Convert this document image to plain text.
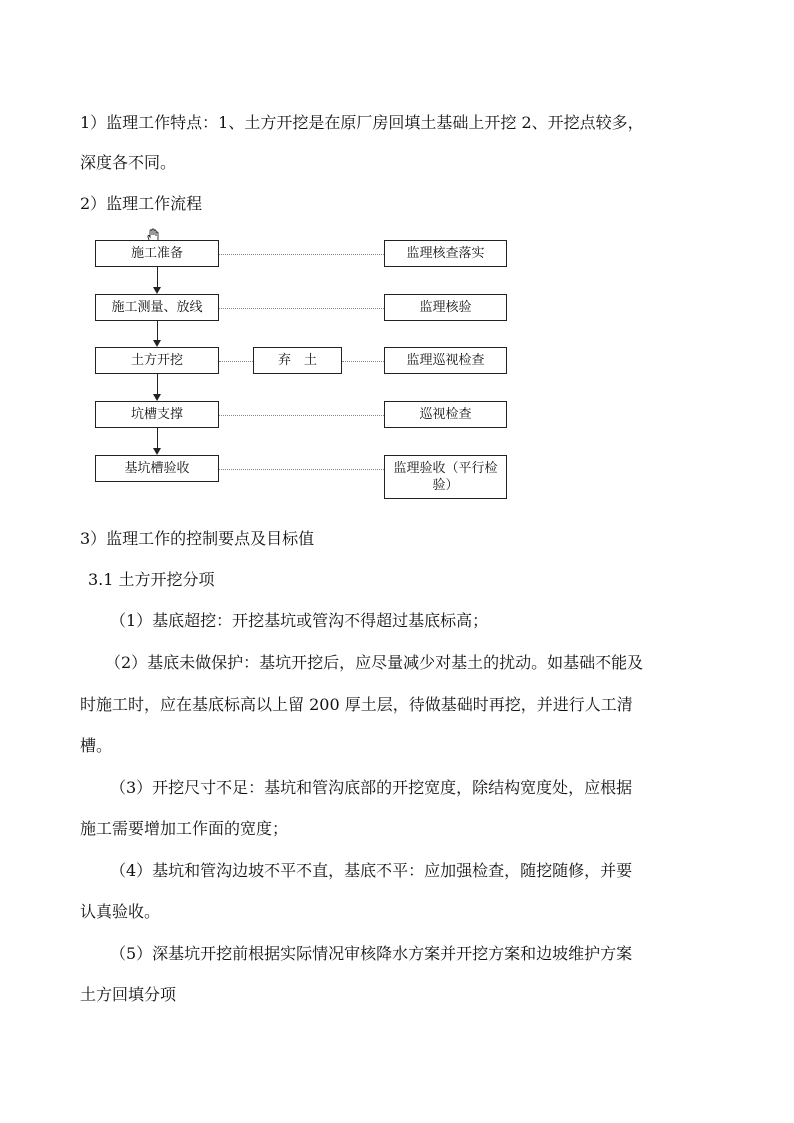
1）监理工作特点：1、土方开挖是在原厂房回填土基础上开挖 2、开挖点较多，
深度各不同。
2）监理工作流程
施工准备
施工测量、放线
土方开挖
坑槽支撑
基坑槽验收
弃　土
监理核查落实
监理核验
监理巡视检查
巡视检查
监理验收（平行检
验）
3）监理工作的控制要点及目标值
3.1 土方开挖分项
（1）基底超挖：开挖基坑或管沟不得超过基底标高；
（2）基底未做保护：基坑开挖后，应尽量减少对基土的扰动。如基础不能及
时施工时，应在基底标高以上留 200 厚土层，待做基础时再挖，并进行人工清
槽。
（3）开挖尺寸不足：基坑和管沟底部的开挖宽度，除结构宽度处，应根据
施工需要增加工作面的宽度；
（4）基坑和管沟边坡不平不直，基底不平：应加强检查，随挖随修，并要
认真验收。
（5）深基坑开挖前根据实际情况审核降水方案并开挖方案和边坡维护方案
土方回填分项
